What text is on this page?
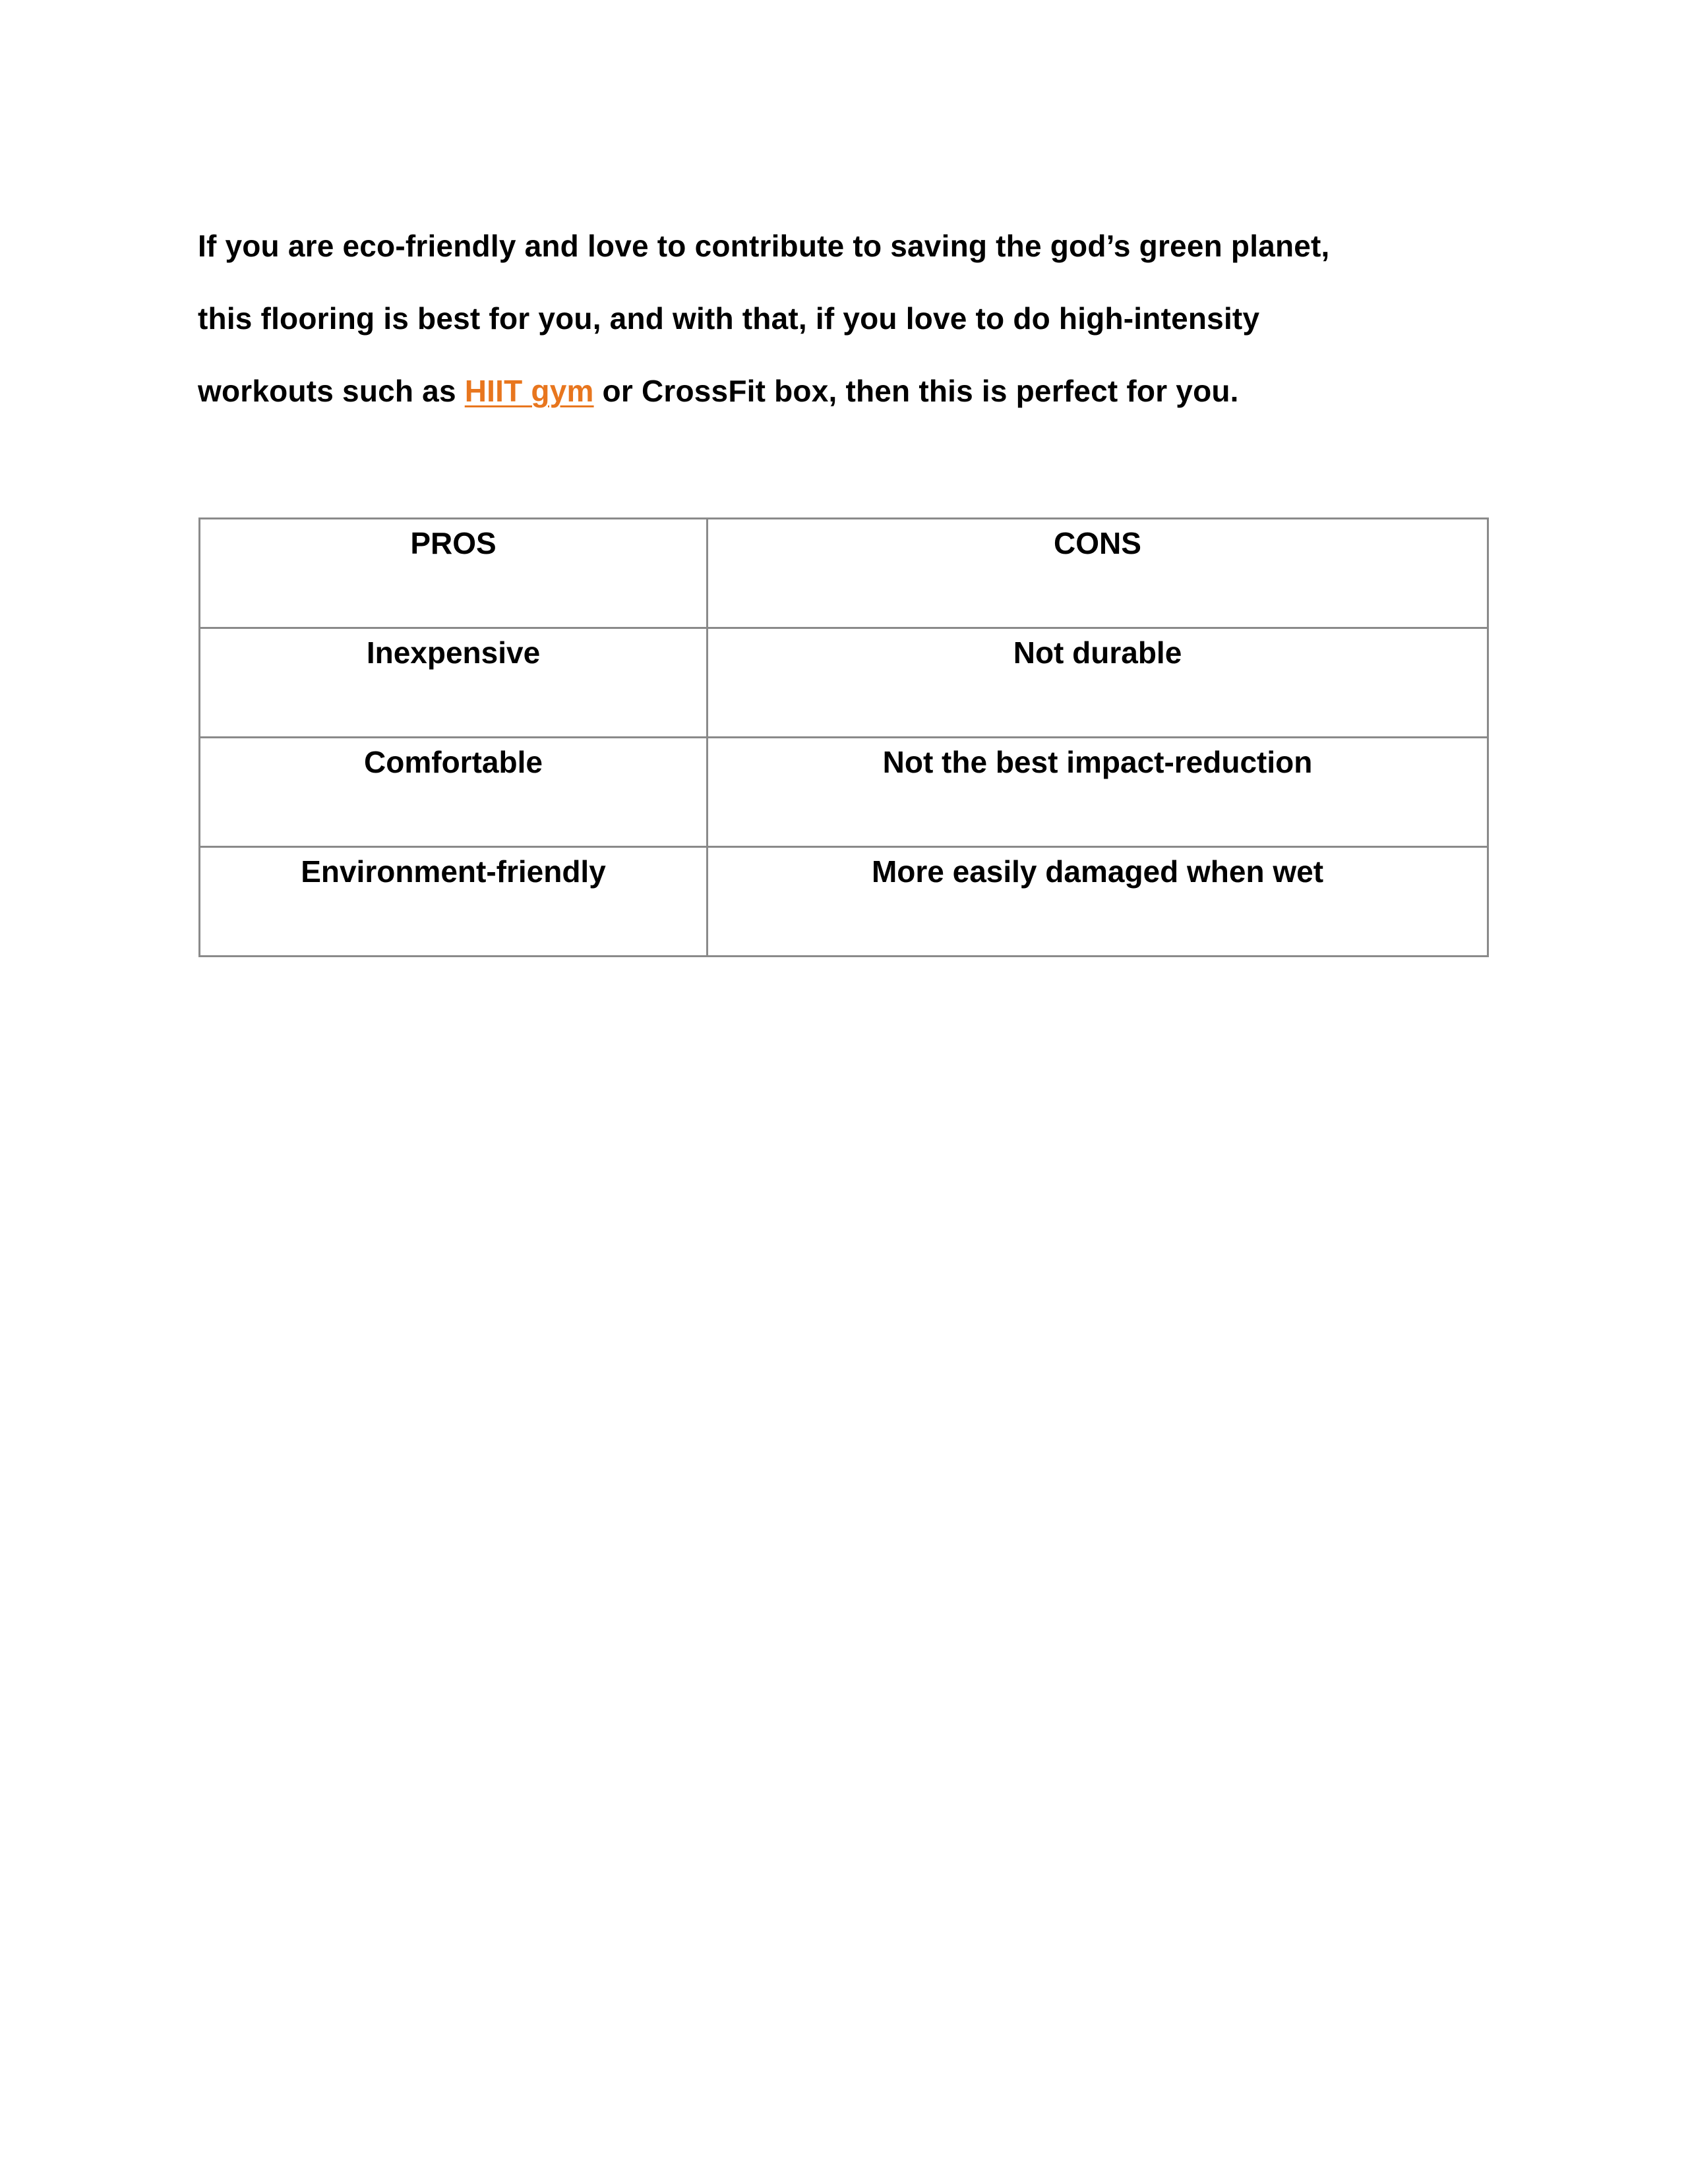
If you are eco-friendly and love to contribute to saving the god’s green planet,
this flooring is best for you, and with that, if you love to do high-intensity
workouts such as HIIT gym or CrossFit box, then this is perfect for you.

PROS	CONS
Inexpensive	Not durable
Comfortable	Not the best impact-reduction
Environment-friendly	More easily damaged when wet
